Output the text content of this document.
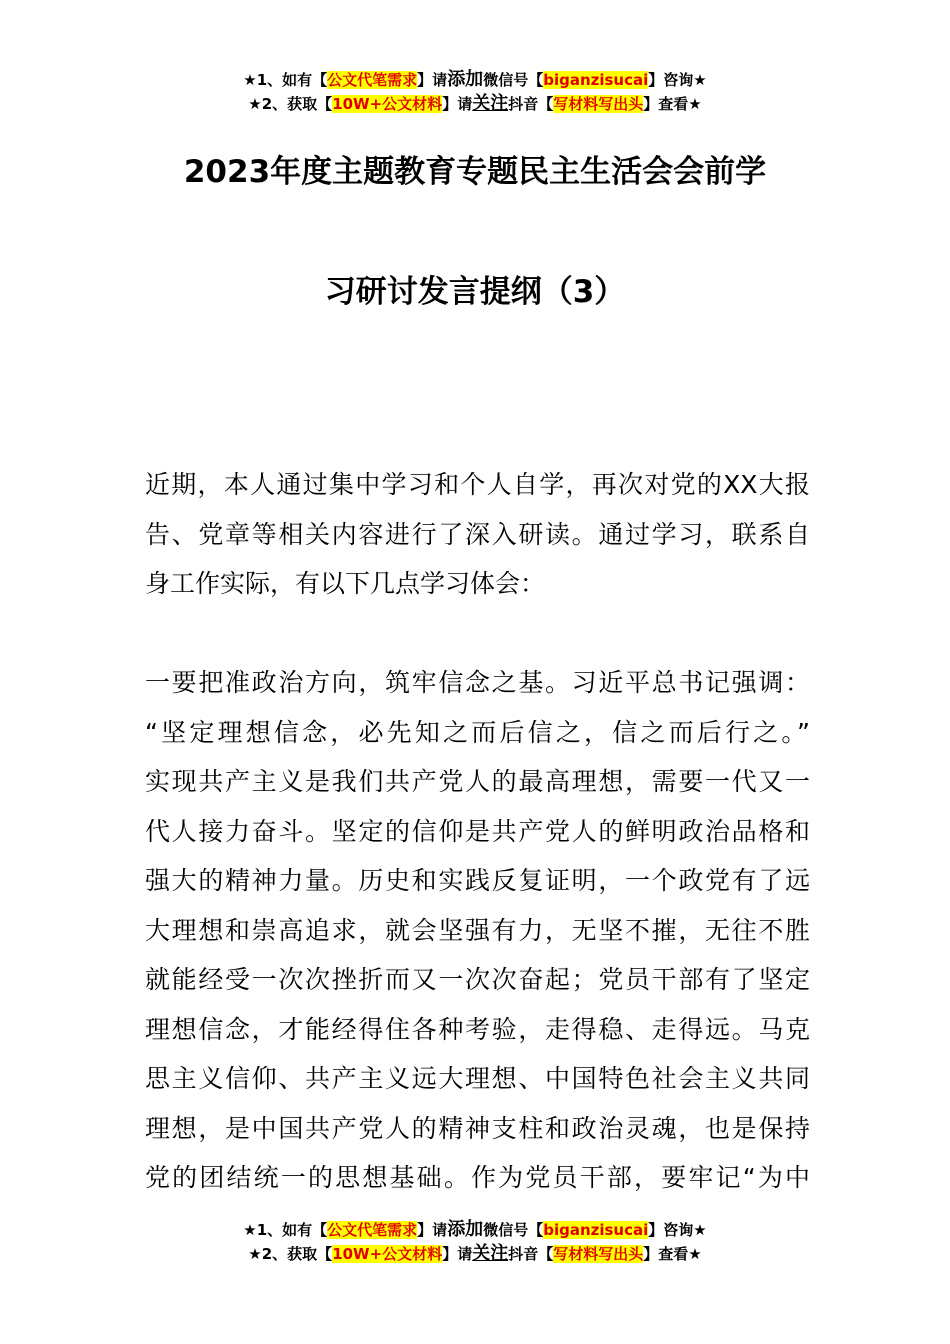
★1、如有【公文代笔需求】请添加微信号【biganzisucai】咨询★
★2、获取【10W+公文材料】请关注抖音【写材料写出头】查看★
2023年度主题教育专题民主生活会会前学
习研讨发言提纲（3）
近期，本人通过集中学习和个人自学，再次对党的XX大报
告、党章等相关内容进行了深入研读。通过学习，联系自
身工作实际，有以下几点学习体会：
一要把准政治方向，筑牢信念之基。习近平总书记强调：
“坚定理想信念，必先知之而后信之，信之而后行之。”
实现共产主义是我们共产党人的最高理想，需要一代又一
代人接力奋斗。坚定的信仰是共产党人的鲜明政治品格和
强大的精神力量。历史和实践反复证明，一个政党有了远
大理想和崇高追求，就会坚强有力，无坚不摧，无往不胜
就能经受一次次挫折而又一次次奋起；党员干部有了坚定
理想信念，才能经得住各种考验，走得稳、走得远。马克
思主义信仰、共产主义远大理想、中国特色社会主义共同
理想，是中国共产党人的精神支柱和政治灵魂，也是保持
党的团结统一的思想基础。作为党员干部，要牢记“为中
★1、如有【公文代笔需求】请添加微信号【biganzisucai】咨询★
★2、获取【10W+公文材料】请关注抖音【写材料写出头】查看★
